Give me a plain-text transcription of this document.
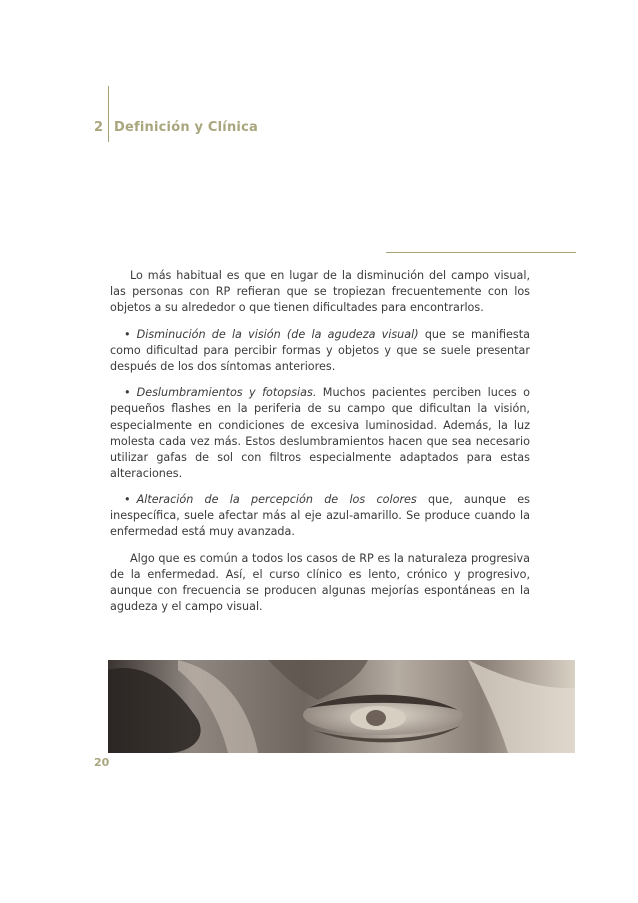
2 Definición y Clínica

Lo más habitual es que en lugar de la disminución del campo visual, las personas con RP refieran que se tropiezan frecuentemente con los objetos a su alrededor o que tienen dificultades para encontrarlos.

• Disminución de la visión (de la agudeza visual) que se manifiesta como dificultad para percibir formas y objetos y que se suele presentar después de los dos síntomas anteriores.

• Deslumbramientos y fotopsias. Muchos pacientes perciben luces o pequeños flashes en la periferia de su campo que dificultan la visión, especialmente en condiciones de excesiva luminosidad. Además, la luz molesta cada vez más. Estos deslumbramientos hacen que sea necesario utilizar gafas de sol con filtros especialmente adaptados para estas alteraciones.

• Alteración de la percepción de los colores que, aunque es inespecífica, suele afectar más al eje azul-amarillo. Se produce cuando la enfermedad está muy avanzada.

Algo que es común a todos los casos de RP es la naturaleza progresiva de la enfermedad. Así, el curso clínico es lento, crónico y progresivo, aunque con frecuencia se producen algunas mejorías espontáneas en la agudeza y el campo visual.

20
